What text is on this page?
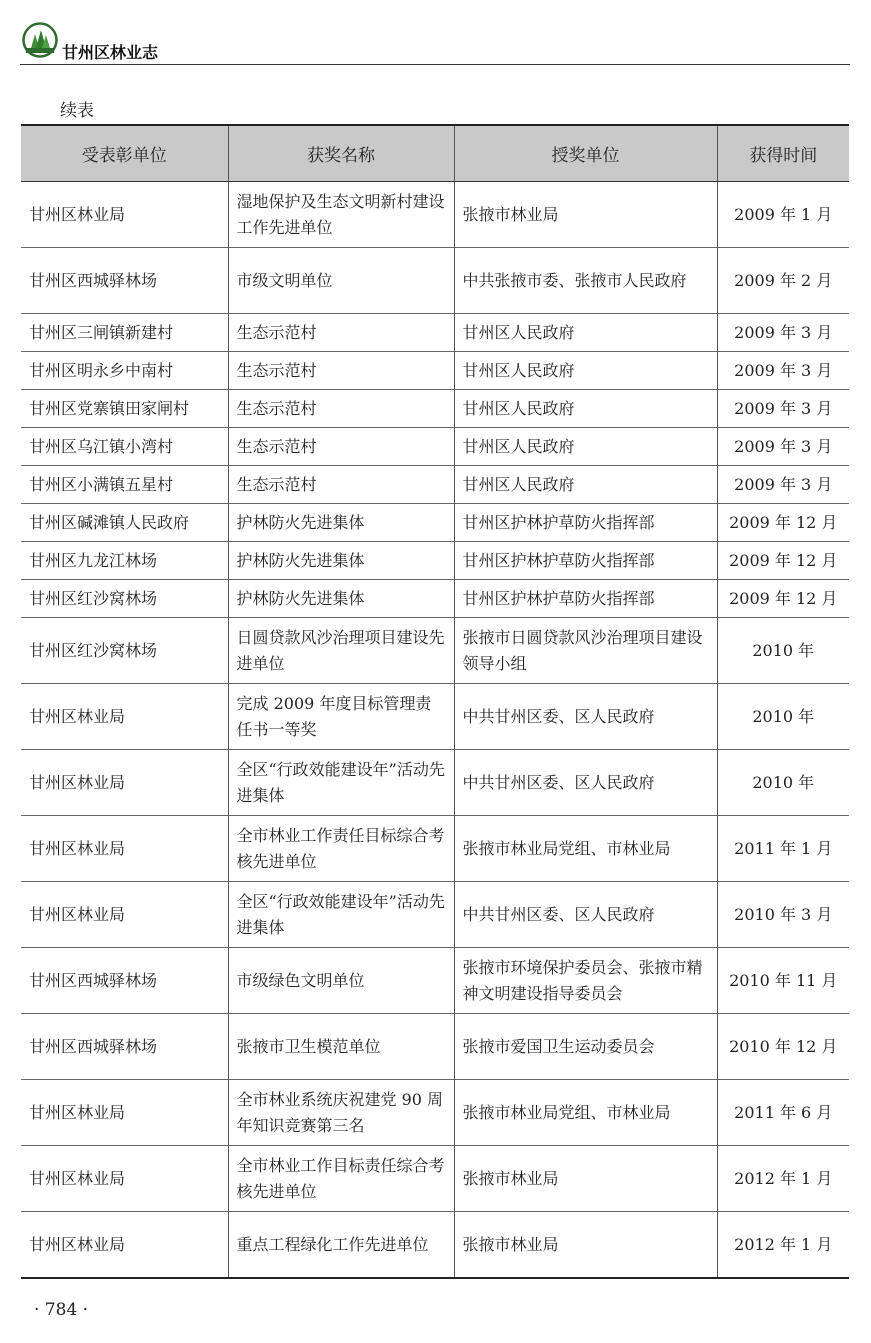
甘州区林业志
续表
受表彰单位	获奖名称	授奖单位	获得时间
甘州区林业局	湿地保护及生态文明新村建设工作先进单位	张掖市林业局	2009 年 1 月
甘州区西城驿林场	市级文明单位	中共张掖市委、张掖市人民政府	2009 年 2 月
甘州区三闸镇新建村	生态示范村	甘州区人民政府	2009 年 3 月
甘州区明永乡中南村	生态示范村	甘州区人民政府	2009 年 3 月
甘州区党寨镇田家闸村	生态示范村	甘州区人民政府	2009 年 3 月
甘州区乌江镇小湾村	生态示范村	甘州区人民政府	2009 年 3 月
甘州区小满镇五星村	生态示范村	甘州区人民政府	2009 年 3 月
甘州区碱滩镇人民政府	护林防火先进集体	甘州区护林护草防火指挥部	2009 年 12 月
甘州区九龙江林场	护林防火先进集体	甘州区护林护草防火指挥部	2009 年 12 月
甘州区红沙窝林场	护林防火先进集体	甘州区护林护草防火指挥部	2009 年 12 月
甘州区红沙窝林场	日圆贷款风沙治理项目建设先进单位	张掖市日圆贷款风沙治理项目建设领导小组	2010 年
甘州区林业局	完成 2009 年度目标管理责任书一等奖	中共甘州区委、区人民政府	2010 年
甘州区林业局	全区“行政效能建设年”活动先进集体	中共甘州区委、区人民政府	2010 年
甘州区林业局	全市林业工作责任目标综合考核先进单位	张掖市林业局党组、市林业局	2011 年 1 月
甘州区林业局	全区“行政效能建设年”活动先进集体	中共甘州区委、区人民政府	2010 年 3 月
甘州区西城驿林场	市级绿色文明单位	张掖市环境保护委员会、张掖市精神文明建设指导委员会	2010 年 11 月
甘州区西城驿林场	张掖市卫生模范单位	张掖市爱国卫生运动委员会	2010 年 12 月
甘州区林业局	全市林业系统庆祝建党 90 周年知识竞赛第三名	张掖市林业局党组、市林业局	2011 年 6 月
甘州区林业局	全市林业工作目标责任综合考核先进单位	张掖市林业局	2012 年 1 月
甘州区林业局	重点工程绿化工作先进单位	张掖市林业局	2012 年 1 月
· 784 ·
